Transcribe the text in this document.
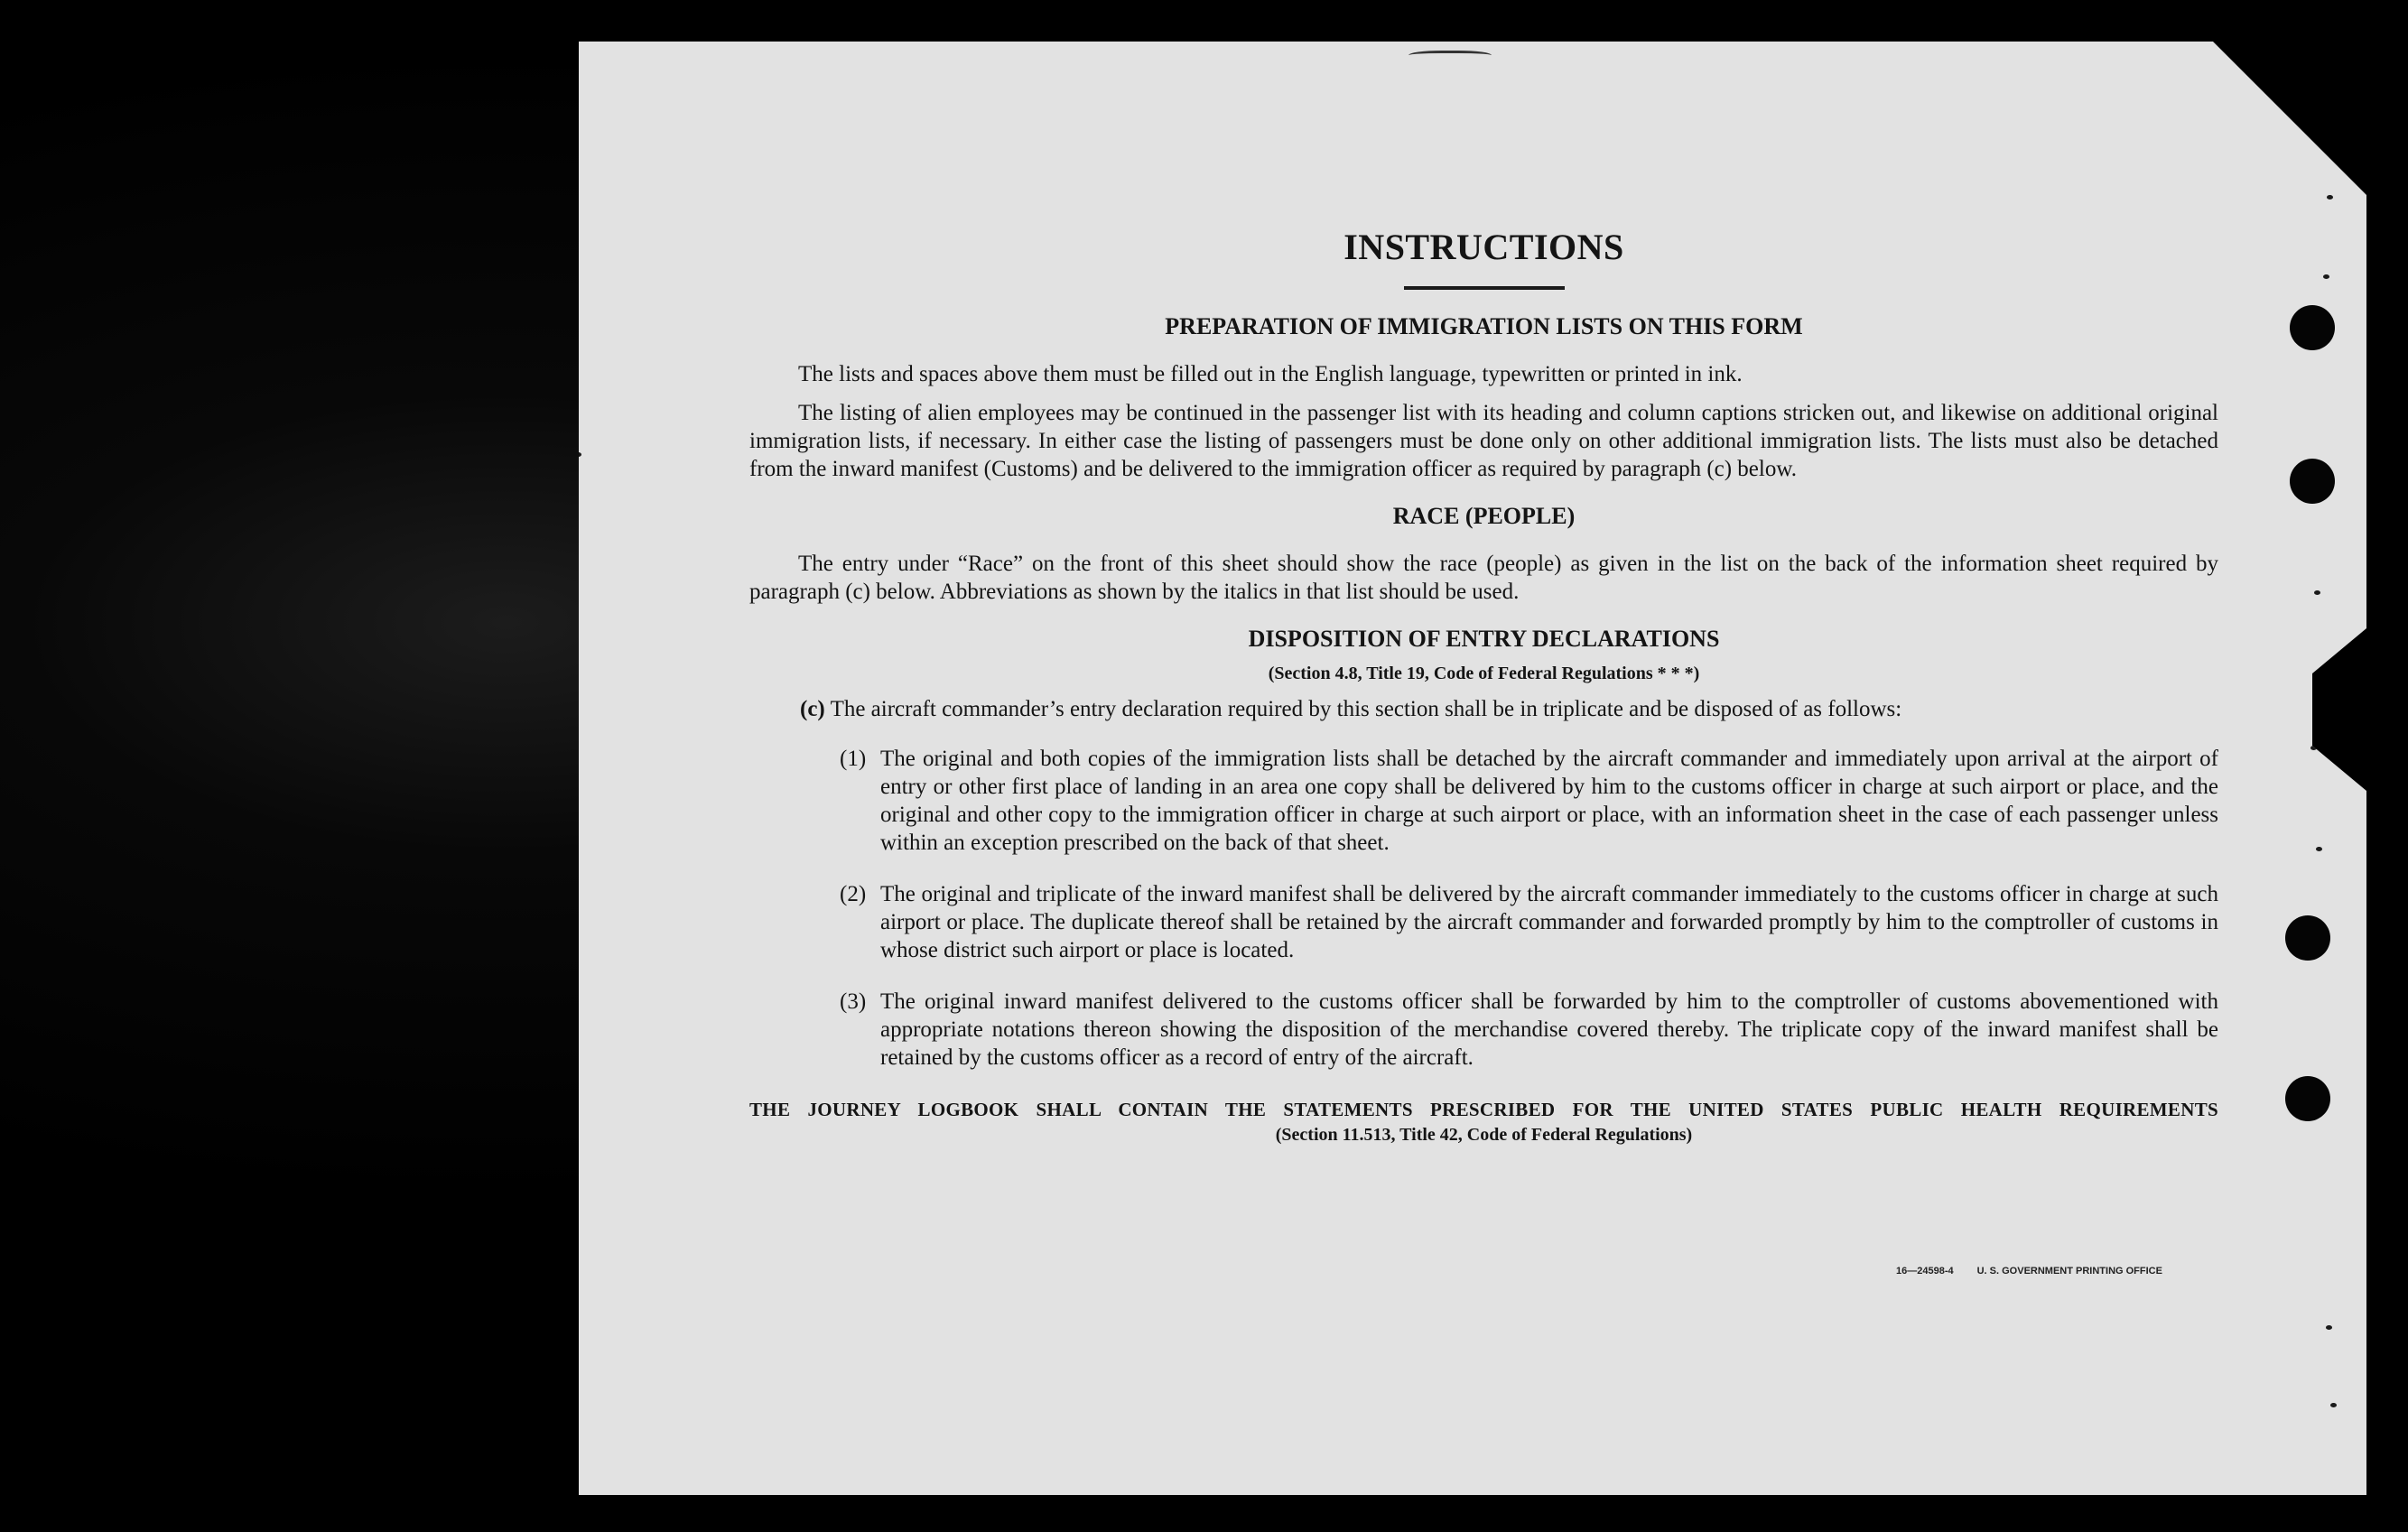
INSTRUCTIONS
PREPARATION OF IMMIGRATION LISTS ON THIS FORM

The lists and spaces above them must be filled out in the English language, typewritten or printed in ink.

The listing of alien employees may be continued in the passenger list with its heading and column captions stricken out, and likewise on additional original immigration lists, if necessary. In either case the listing of passengers must be done only on other additional immigration lists. The lists must also be detached from the inward manifest (Customs) and be delivered to the immigration officer as required by paragraph (c) below.

RACE (PEOPLE)

The entry under “Race” on the front of this sheet should show the race (people) as given in the list on the back of the information sheet required by paragraph (c) below. Abbreviations as shown by the italics in that list should be used.

DISPOSITION OF ENTRY DECLARATIONS

(Section 4.8, Title 19, Code of Federal Regulations * * *)

(c) The aircraft commander’s entry declaration required by this section shall be in triplicate and be disposed of as follows:

(1) The original and both copies of the immigration lists shall be detached by the aircraft commander and immediately upon arrival at the airport of entry or other first place of landing in an area one copy shall be delivered by him to the customs officer in charge at such airport or place, and the original and other copy to the immigration officer in charge at such airport or place, with an information sheet in the case of each passenger unless within an exception prescribed on the back of that sheet.
(2) The original and triplicate of the inward manifest shall be delivered by the aircraft commander immediately to the customs officer in charge at such airport or place. The duplicate thereof shall be retained by the aircraft commander and forwarded promptly by him to the comptroller of customs in whose district such airport or place is located.
(3) The original inward manifest delivered to the customs officer shall be forwarded by him to the comptroller of customs abovementioned with appropriate notations thereon showing the disposition of the merchandise covered thereby. The triplicate copy of the inward manifest shall be retained by the customs officer as a record of entry of the aircraft.

THE JOURNEY LOGBOOK SHALL CONTAIN THE STATEMENTS PRESCRIBED FOR THE UNITED STATES PUBLIC HEALTH REQUIREMENTS

(Section 11.513, Title 42, Code of Federal Regulations)

16—24598-4 U. S. GOVERNMENT PRINTING OFFICE
